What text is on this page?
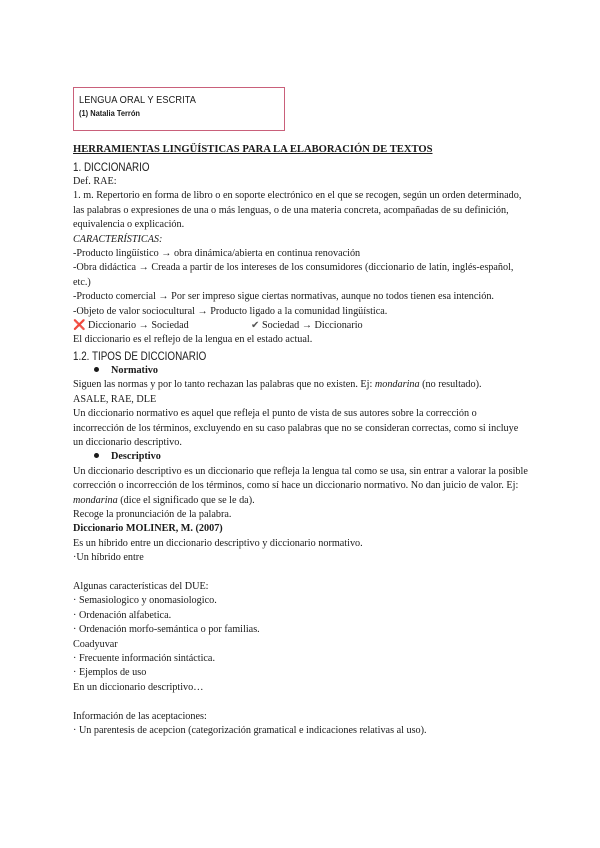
LENGUA ORAL Y ESCRITA
(1) Natalia Terrón
HERRAMIENTAS LINGÜÍSTICAS PARA LA ELABORACIÓN DE TEXTOS
1. DICCIONARIO
Def. RAE:
1. m. Repertorio en forma de libro o en soporte electrónico en el que se recogen, según un orden determinado, las palabras o expresiones de una o más lenguas, o de una materia concreta, acompañadas de su definición, equivalencia o explicación.
CARACTERÍSTICAS:
-Producto lingüístico → obra dinámica/abierta en continua renovación
-Obra didáctica → Creada a partir de los intereses de los consumidores (diccionario de latín, inglés-español, etc.)
-Producto comercial → Por ser impreso sigue ciertas normativas, aunque no todos tienen esa intención.
-Objeto de valor sociocultural → Producto ligado a la comunidad lingüística.
❌ Diccionario → Sociedad	✔ Sociedad → Diccionario
El diccionario es el reflejo de la lengua en el estado actual.
1.2. TIPOS DE DICCIONARIO
Normativo
Siguen las normas y por lo tanto rechazan las palabras que no existen. Ej: mondarina (no resultado).
ASALE, RAE, DLE
Un diccionario normativo es aquel que refleja el punto de vista de sus autores sobre la corrección o incorrección de los términos, excluyendo en su caso palabras que no se consideran correctas, como si incluye un diccionario descriptivo.
Descriptivo
Un diccionario descriptivo es un diccionario que refleja la lengua tal como se usa, sin entrar a valorar la posible corrección o incorrección de los términos, como sí hace un diccionario normativo. No dan juicio de valor. Ej: mondarina (dice el significado que se le da).
Recoge la pronunciación de la palabra.
Diccionario MOLINER, M. (2007)
Es un híbrido entre un diccionario descriptivo y diccionario normativo.
·Un híbrido entre
Algunas características del DUE:
· Semasiologico y onomasiologico.
· Ordenación alfabetica.
· Ordenación morfo-semántica o por familias.
Coadyuvar
· Frecuente información sintáctica.
· Ejemplos de uso
En un diccionario descriptivo…
Información de las aceptaciones:
· Un parentesis de acepcion (categorización gramatical e indicaciones relativas al uso).
